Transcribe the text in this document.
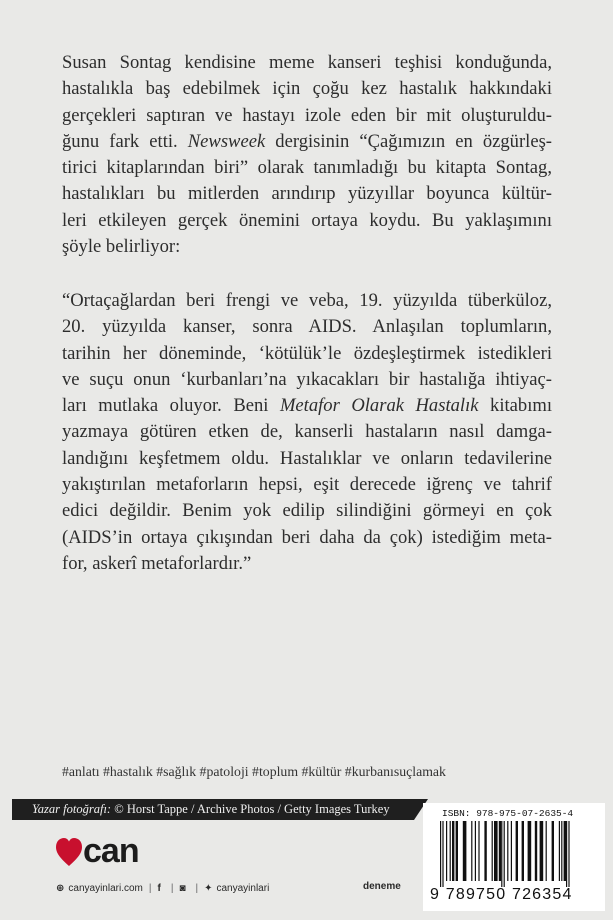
Susan Sontag kendisine meme kanseri teşhisi konduğunda,
hastalıkla baş edebilmek için çoğu kez hastalık hakkındaki
gerçekleri saptıran ve hastayı izole eden bir mit oluşturuldu-
ğunu fark etti. Newsweek dergisinin “Çağımızın en özgürleş-
tirici kitaplarından biri” olarak tanımladığı bu kitapta Sontag,
hastalıkları bu mitlerden arındırıp yüzyıllar boyunca kültür-
leri etkileyen gerçek önemini ortaya koydu. Bu yaklaşımını
şöyle belirliyor:
“Ortaçağlardan beri frengi ve veba, 19. yüzyılda tüberküloz,
20. yüzyılda kanser, sonra AIDS. Anlaşılan toplumların,
tarihin her döneminde, ‘kötülük’le özdeşleştirmek istedikleri
ve suçu onun ‘kurbanları’na yıkacakları bir hastalığa ihtiyaç-
ları mutlaka oluyor. Beni Metafor Olarak Hastalık kitabımı
yazmaya götüren etken de, kanserli hastaların nasıl damga-
landığını keşfetmem oldu. Hastalıklar ve onların tedavilerine
yakıştırılan metaforların hepsi, eşit derecede iğrenç ve tahrif
edici değildir. Benim yok edilip silindiğini görmeyi en çok
(AIDS’in ortaya çıkışından beri daha da çok) istediğim meta-
for, askerî metaforlardır.”
#anlatı #hastalık #sağlık #patoloji #toplum #kültür #kurbanısuçlamak
Yazar fotoğrafı: © Horst Tappe / Archive Photos / Getty Images Turkey
can
⊕ canyayinlari.com | f | ◙ | ✦ canyayinlari	deneme
ISBN: 978-975-07-2635-4
9 789750 726354
